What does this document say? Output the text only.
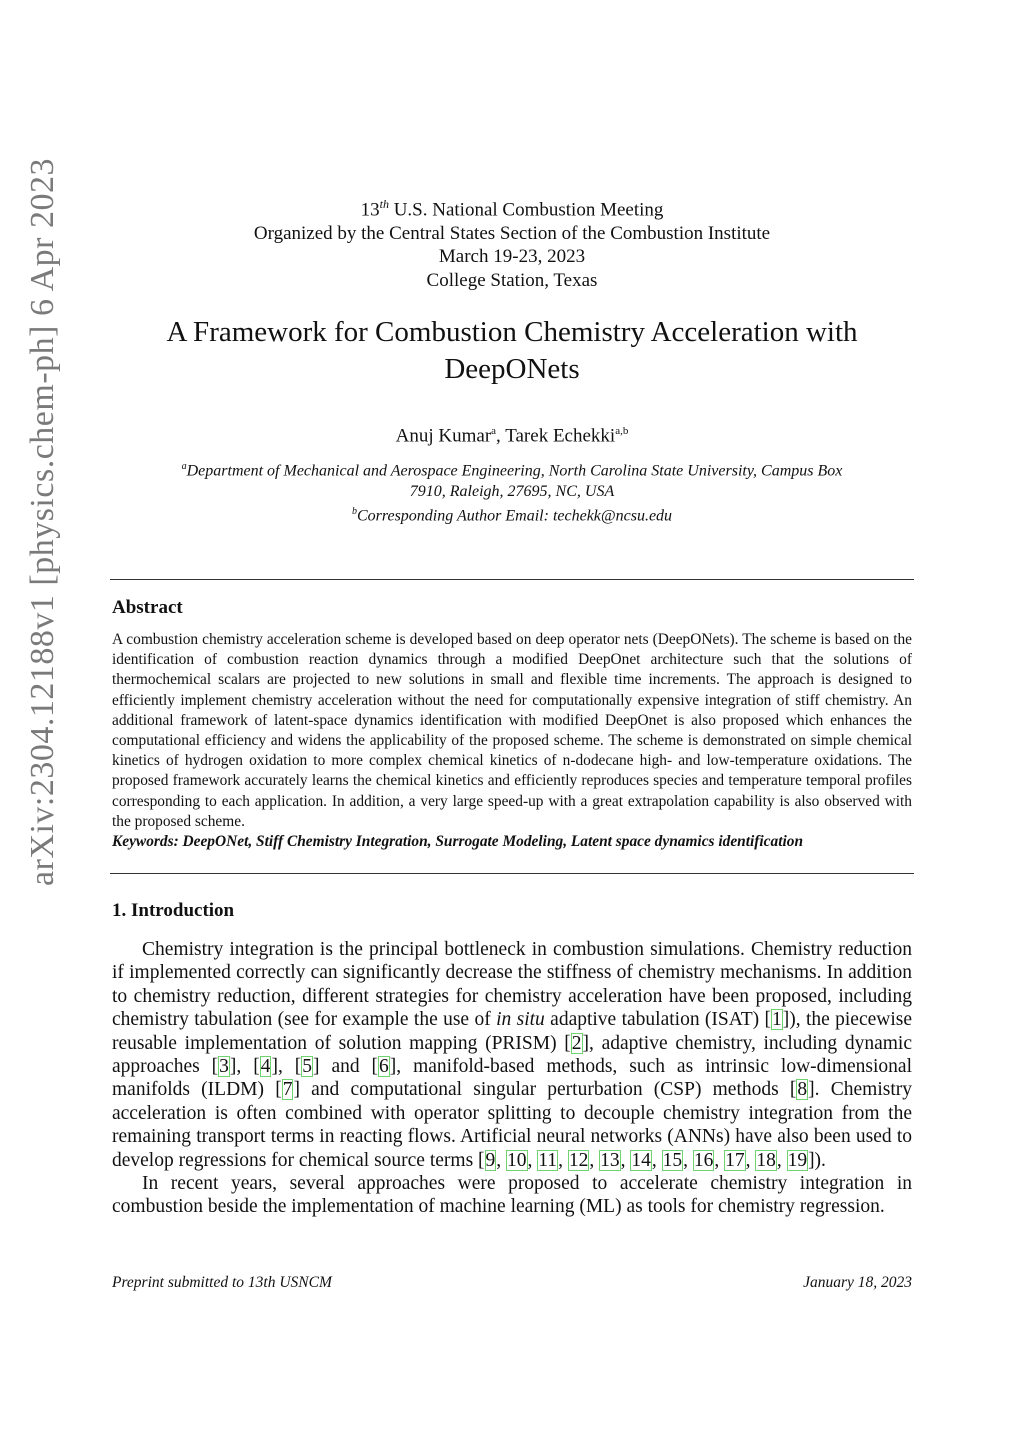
arXiv:2304.12188v1 [physics.chem-ph] 6 Apr 2023	13th U.S. National Combustion Meeting
Organized by the Central States Section of the Combustion Institute
March 19-23, 2023
College Station, Texas
A Framework for Combustion Chemistry Acceleration with
DeepONets
Anuj Kumar$^a$, Tarek Echekki$^{a,b}$
$^a$Department of Mechanical and Aerospace Engineering, North Carolina State University, Campus Box
7910, Raleigh, 27695, NC, USA
$^b$Corresponding Author Email: techekk@ncsu.edu
Abstract
A combustion chemistry acceleration scheme is developed based on deep operator nets (DeepONets). The scheme is based on the identification of combustion reaction dynamics through a modified DeepOnet architecture such that the solutions of thermochemical scalars are projected to new solutions in small and flexible time increments. The approach is designed to efficiently implement chemistry acceleration without the need for computationally expensive integration of stiff chemistry. An additional framework of latent-space dynamics identification with modified DeepOnet is also proposed which enhances the computational efficiency and widens the applicability of the proposed scheme. The scheme is demonstrated on simple chemical kinetics of hydrogen oxidation to more complex chemical kinetics of n-dodecane high- and low-temperature oxidations. The proposed framework accurately learns the chemical kinetics and efficiently reproduces species and temperature temporal profiles corresponding to each application. In addition, a very large speed-up with a great extrapolation capability is also observed with the proposed scheme.
Keywords: DeepONet, Stiff Chemistry Integration, Surrogate Modeling, Latent space dynamics identification
1. Introduction

Chemistry integration is the principal bottleneck in combustion simulations. Chemistry reduction if implemented correctly can significantly decrease the stiffness of chemistry mechanisms. In addition to chemistry reduction, different strategies for chemistry acceleration have been proposed, including chemistry tabulation (see for example the use of in situ adaptive tabulation (ISAT) [1]), the piecewise reusable implementation of solution mapping (PRISM) [2], adaptive chemistry, including dynamic approaches [3], [4], [5] and [6], manifold-based methods, such as intrinsic low-dimensional manifolds (ILDM) [7] and computational singular perturbation (CSP) methods [8]. Chemistry acceleration is often combined with operator splitting to decouple chemistry integration from the remaining transport terms in reacting flows. Artificial neural networks (ANNs) have also been used to develop regressions for chemical source terms [9, 10, 11, 12, 13, 14, 15, 16, 17, 18, 19]).

In recent years, several approaches were proposed to accelerate chemistry integration in combustion beside the implementation of machine learning (ML) as tools for chemistry regression.

Preprint submitted to 13th USNCM	January 18, 2023
